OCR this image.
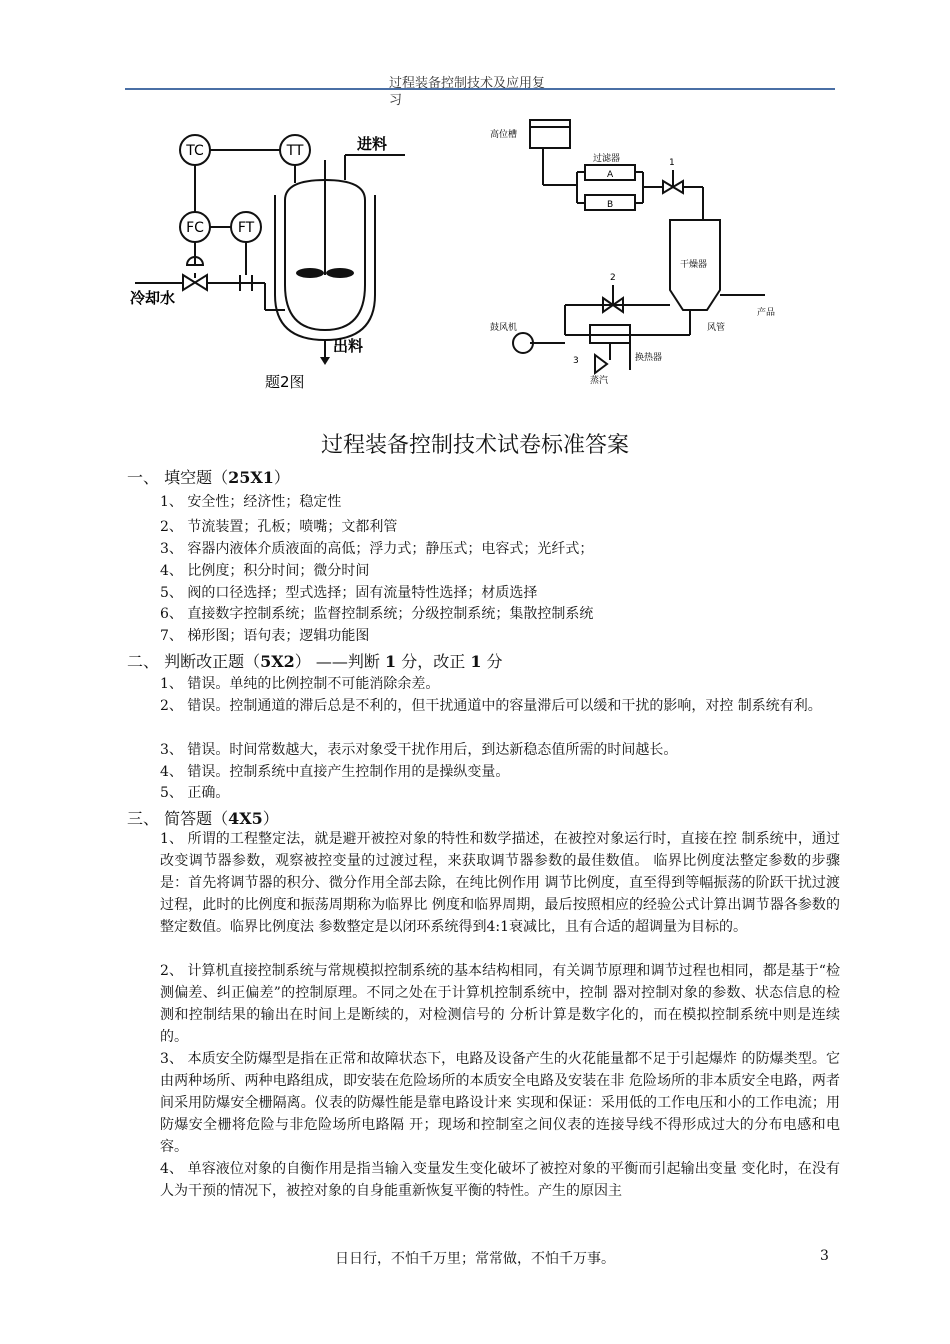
过程装备控制技术及应用复
习
TC	TT
FC FT
进料
冷却水
出料
题2图
高位槽
过滤器
A
B
1
干燥器
2
3
鼓风机	风管
产品
换热器
蒸汽
过程装备控制技术试卷标准答案
一、 填空题（25X1）
1、 安全性；经济性；稳定性
2、 节流装置；孔板；喷嘴；文都利管
3、 容器内液体介质液面的高低；浮力式；静压式；电容式；光纤式；
4、 比例度；积分时间；微分时间
5、 阀的口径选择；型式选择；固有流量特性选择；材质选择
6、 直接数字控制系统；监督控制系统；分级控制系统；集散控制系统
7、 梯形图；语句表；逻辑功能图
二、 判断改正题（5X2） ——判断 1 分，改正 1 分
1、 错误。单纯的比例控制不可能消除余差。
2、 错误。控制通道的滞后总是不利的，但干扰通道中的容量滞后可以缓和干扰的影响，对控 制系统有利。
3、 错误。时间常数越大，表示对象受干扰作用后，到达新稳态值所需的时间越长。
4、 错误。控制系统中直接产生控制作用的是操纵变量。
5、 正确。
三、 简答题（4X5）
1、 所谓的工程整定法，就是避开被控对象的特性和数学描述，在被控对象运行时，直接在控 制系统中，通过改变调节器参数，观察被控变量的过渡过程，来获取调节器参数的最佳数值。 临界比例度法整定参数的步骤是：首先将调节器的积分、微分作用全部去除，在纯比例作用 调节比例度，直至得到等幅振荡的阶跃干扰过渡过程，此时的比例度和振荡周期称为临界比 例度和临界周期，最后按照相应的经验公式计算出调节器各参数的整定数值。临界比例度法 参数整定是以闭环系统得到4:1衰减比，且有合适的超调量为目标的。
2、 计算机直接控制系统与常规模拟控制系统的基本结构相同，有关调节原理和调节过程也相同，都是基于“检测偏差、纠正偏差”的控制原理。不同之处在于计算机控制系统中，控制 器对控制对象的参数、状态信息的检测和控制结果的输出在时间上是断续的，对检测信号的 分析计算是数字化的，而在模拟控制系统中则是连续的。
3、 本质安全防爆型是指在正常和故障状态下，电路及设备产生的火花能量都不足于引起爆炸 的防爆类型。它由两种场所、两种电路组成，即安装在危险场所的本质安全电路及安装在非 危险场所的非本质安全电路，两者间采用防爆安全栅隔离。仪表的防爆性能是靠电路设计来 实现和保证：采用低的工作电压和小的工作电流；用防爆安全栅将危险与非危险场所电路隔 开；现场和控制室之间仪表的连接导线不得形成过大的分布电感和电容。
4、 单容液位对象的自衡作用是指当输入变量发生变化破坏了被控对象的平衡而引起输出变量 变化时，在没有人为干预的情况下，被控对象的自身能重新恢复平衡的特性。产生的原因主
日日行，不怕千万里；常常做，不怕千万事。	3
